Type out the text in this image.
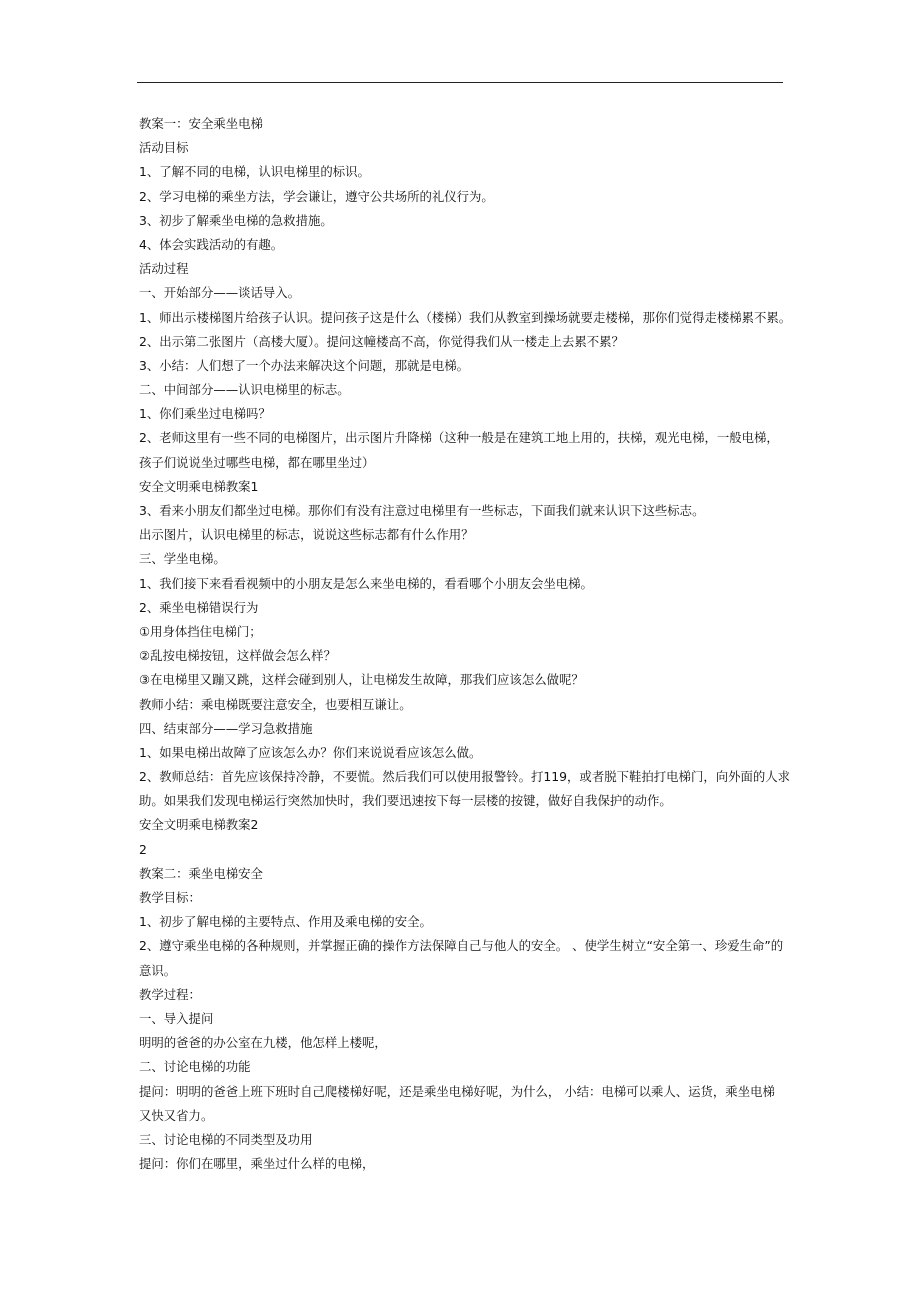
教案一：安全乘坐电梯
活动目标
1、了解不同的电梯，认识电梯里的标识。
2、学习电梯的乘坐方法，学会谦让，遵守公共场所的礼仪行为。
3、初步了解乘坐电梯的急救措施。
4、体会实践活动的有趣。
活动过程
一、开始部分——谈话导入。
1、师出示楼梯图片给孩子认识。提问孩子这是什么（楼梯）我们从教室到操场就要走楼梯，那你们觉得走楼梯累不累。
2、出示第二张图片（高楼大厦）。提问这幢楼高不高，你觉得我们从一楼走上去累不累？
3、小结：人们想了一个办法来解决这个问题，那就是电梯。
二、中间部分——认识电梯里的标志。
1、你们乘坐过电梯吗？
2、老师这里有一些不同的电梯图片，出示图片升降梯（这种一般是在建筑工地上用的，扶梯，观光电梯，一般电梯，
孩子们说说坐过哪些电梯，都在哪里坐过）
安全文明乘电梯教案1
3、看来小朋友们都坐过电梯。那你们有没有注意过电梯里有一些标志，下面我们就来认识下这些标志。
出示图片，认识电梯里的标志，说说这些标志都有什么作用？
三、学坐电梯。
1、我们接下来看看视频中的小朋友是怎么来坐电梯的，看看哪个小朋友会坐电梯。
2、乘坐电梯错误行为
①用身体挡住电梯门；
②乱按电梯按钮，这样做会怎么样？
③在电梯里又蹦又跳，这样会碰到别人，让电梯发生故障，那我们应该怎么做呢？
教师小结：乘电梯既要注意安全，也要相互谦让。
四、结束部分——学习急救措施
1、如果电梯出故障了应该怎么办？你们来说说看应该怎么做。
2、教师总结：首先应该保持冷静，不要慌。然后我们可以使用报警铃。打119，或者脱下鞋拍打电梯门，向外面的人求
助。如果我们发现电梯运行突然加快时，我们要迅速按下每一层楼的按键，做好自我保护的动作。
安全文明乘电梯教案2
2
教案二：乘坐电梯安全
教学目标：
1、初步了解电梯的主要特点、作用及乘电梯的安全。
2、遵守乘坐电梯的各种规则，并掌握正确的操作方法保障自己与他人的安全。 、使学生树立“安全第一、珍爱生命”的
意识。
教学过程：
一、导入提问
明明的爸爸的办公室在九楼，他怎样上楼呢，
二、讨论电梯的功能
提问：明明的爸爸上班下班时自己爬楼梯好呢，还是乘坐电梯好呢，为什么， 小结：电梯可以乘人、运货，乘坐电梯
又快又省力。
三、讨论电梯的不同类型及功用
提问：你们在哪里，乘坐过什么样的电梯，
